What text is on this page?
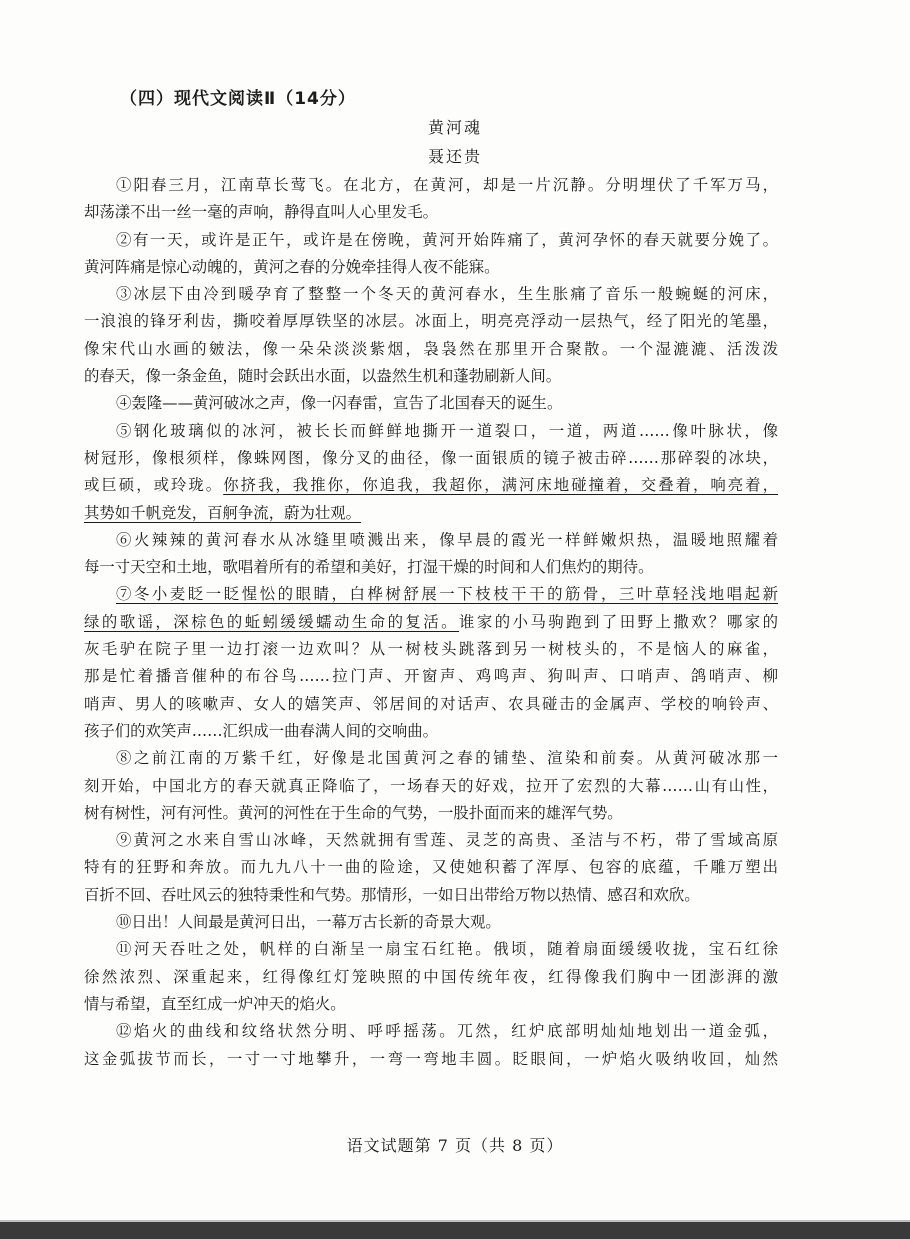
（四）现代文阅读Ⅱ（14分）
黄河魂
聂还贵
①阳春三月，江南草长莺飞。在北方，在黄河，却是一片沉静。分明埋伏了千军万马，
却荡漾不出一丝一毫的声响，静得直叫人心里发毛。
②有一天，或许是正午，或许是在傍晚，黄河开始阵痛了，黄河孕怀的春天就要分娩了。
黄河阵痛是惊心动魄的，黄河之春的分娩牵挂得人夜不能寐。
③冰层下由冷到暖孕育了整整一个冬天的黄河春水，生生胀痛了音乐一般蜿蜒的河床，
一浪浪的锋牙利齿，撕咬着厚厚铁坚的冰层。冰面上，明亮亮浮动一层热气，经了阳光的笔墨，
像宋代山水画的皴法，像一朵朵淡淡紫烟，袅袅然在那里开合聚散。一个湿漉漉、活泼泼
的春天，像一条金鱼，随时会跃出水面，以盎然生机和蓬勃刷新人间。
④轰隆——黄河破冰之声，像一闪春雷，宣告了北国春天的诞生。
⑤钢化玻璃似的冰河，被长长而鲜鲜地撕开一道裂口，一道，两道……像叶脉状，像
树冠形，像根须样，像蛛网图，像分叉的曲径，像一面银质的镜子被击碎……那碎裂的冰块，
或巨硕，或玲珑。你挤我，我推你，你追我，我超你，满河床地碰撞着，交叠着，响亮着，
其势如千帆竞发，百舸争流，蔚为壮观。
⑥火辣辣的黄河春水从冰缝里喷溅出来，像早晨的霞光一样鲜嫩炽热，温暖地照耀着
每一寸天空和土地，歌唱着所有的希望和美好，打湿干燥的时间和人们焦灼的期待。
⑦冬小麦眨一眨惺忪的眼睛，白桦树舒展一下枝枝干干的筋骨，三叶草轻浅地唱起新
绿的歌谣，深棕色的蚯蚓缓缓蠕动生命的复活。谁家的小马驹跑到了田野上撒欢？哪家的
灰毛驴在院子里一边打滚一边欢叫？从一树枝头跳落到另一树枝头的，不是恼人的麻雀，
那是忙着播音催种的布谷鸟……拉门声、开窗声、鸡鸣声、狗叫声、口哨声、鸽哨声、柳
哨声、男人的咳嗽声、女人的嬉笑声、邻居间的对话声、农具碰击的金属声、学校的响铃声、
孩子们的欢笑声……汇织成一曲春满人间的交响曲。
⑧之前江南的万紫千红，好像是北国黄河之春的铺垫、渲染和前奏。从黄河破冰那一
刻开始，中国北方的春天就真正降临了，一场春天的好戏，拉开了宏烈的大幕……山有山性，
树有树性，河有河性。黄河的河性在于生命的气势，一股扑面而来的雄浑气势。
⑨黄河之水来自雪山冰峰，天然就拥有雪莲、灵芝的高贵、圣洁与不朽，带了雪域高原
特有的狂野和奔放。而九九八十一曲的险途，又使她积蓄了浑厚、包容的底蕴，千雕万塑出
百折不回、吞吐风云的独特秉性和气势。那情形，一如日出带给万物以热情、感召和欢欣。
⑩日出！人间最是黄河日出，一幕万古长新的奇景大观。
⑪河天吞吐之处，帆样的白渐呈一扇宝石红艳。俄顷，随着扇面缓缓收拢，宝石红徐
徐然浓烈、深重起来，红得像红灯笼映照的中国传统年夜，红得像我们胸中一团澎湃的激
情与希望，直至红成一炉冲天的焰火。
⑫焰火的曲线和纹络状然分明、呼呼摇荡。兀然，红炉底部明灿灿地划出一道金弧，
这金弧拔节而长，一寸一寸地攀升，一弯一弯地丰圆。眨眼间，一炉焰火吸纳收回，灿然
语文试题第 7 页（共 8 页）
